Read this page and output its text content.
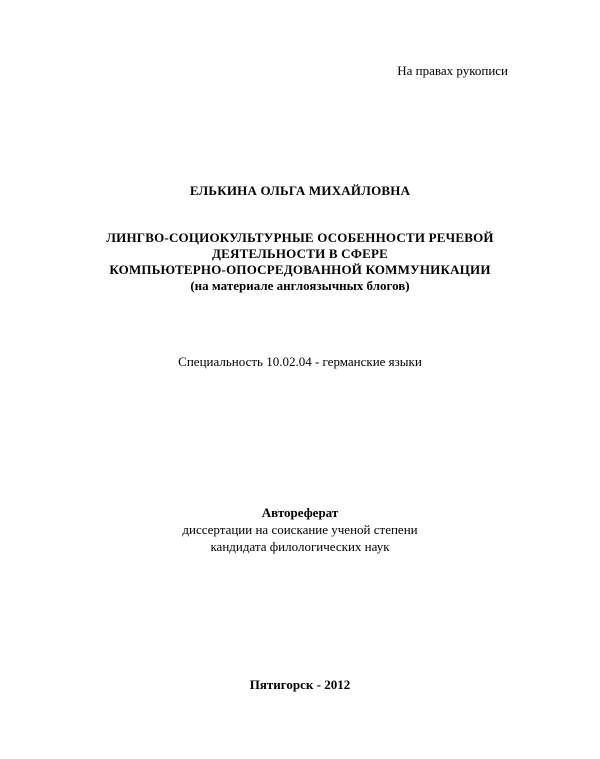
На правах рукописи
ЕЛЬКИНА ОЛЬГА МИХАЙЛОВНА
ЛИНГВО-СОЦИОКУЛЬТУРНЫЕ ОСОБЕННОСТИ РЕЧЕВОЙ
ДЕЯТЕЛЬНОСТИ В СФЕРЕ
КОМПЬЮТЕРНО-ОПОСРЕДОВАННОЙ КОММУНИКАЦИИ
(на материале англоязычных блогов)
Специальность 10.02.04 - германские языки
Автореферат
диссертации на соискание ученой степени
кандидата филологических наук
Пятигорск - 2012
